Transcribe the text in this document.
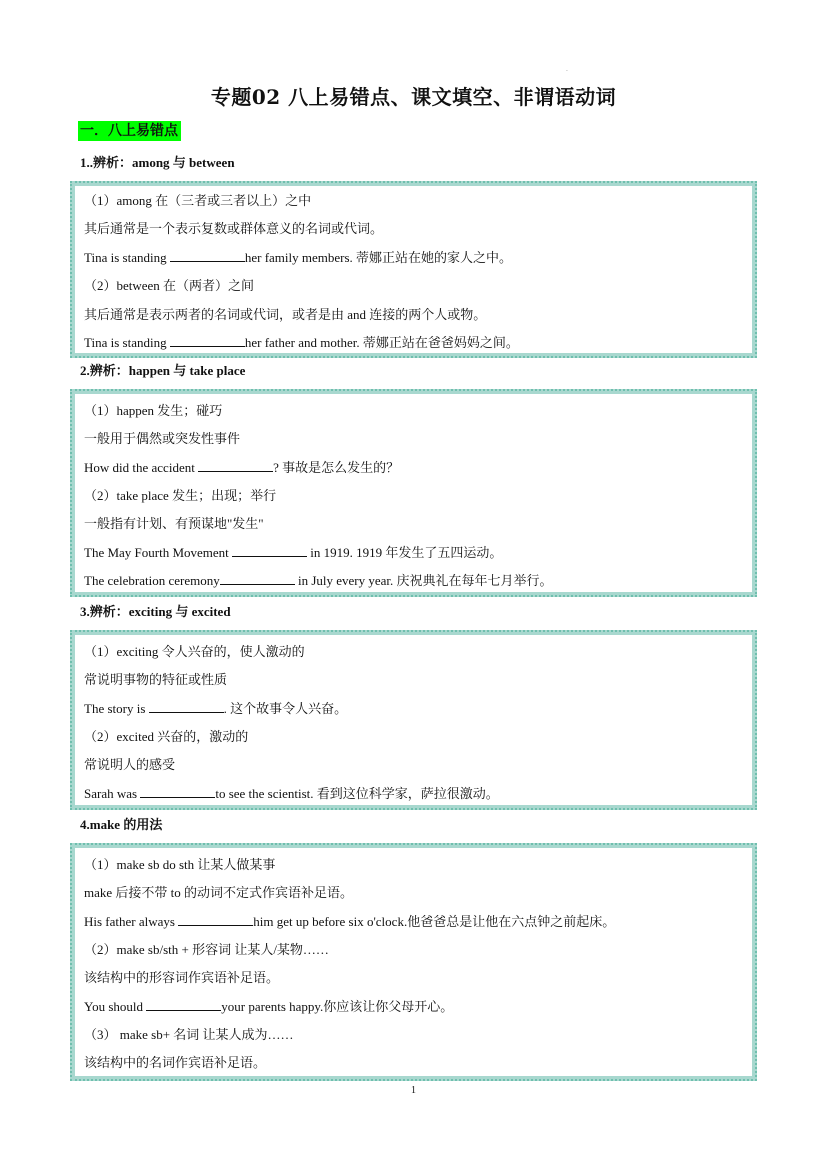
.
专题02 八上易错点、课文填空、非谓语动词
一．八上易错点
1..辨析：among 与 between
（1）among 在（三者或三者以上）之中
其后通常是一个表示复数或群体意义的名词或代词。
Tina is standing	her family members. 蒂娜正站在她的家人之中。
（2）between 在（两者）之间
其后通常是表示两者的名词或代词，或者是由 and 连接的两个人或物。
Tina is standing	her father and mother. 蒂娜正站在爸爸妈妈之间。
2.辨析：happen 与 take place
（1）happen 发生；碰巧
一般用于偶然或突发性事件
How did the accident	? 事故是怎么发生的？
（2）take place 发生；出现；举行
一般指有计划、有预谋地"发生"
The May Fourth Movement	in 1919. 1919 年发生了五四运动。
The celebration ceremony	in July every year. 庆祝典礼在每年七月举行。
3.辨析：exciting 与 excited
（1）exciting 令人兴奋的，使人激动的
常说明事物的特征或性质
The story is	. 这个故事令人兴奋。
（2）excited 兴奋的，激动的
常说明人的感受
Sarah was	to see the scientist. 看到这位科学家，萨拉很激动。
4.make 的用法
（1）make sb do sth 让某人做某事
make 后接不带 to 的动词不定式作宾语补足语。
His father always	him get up before six o'clock.他爸爸总是让他在六点钟之前起床。
（2）make sb/sth + 形容词 让某人/某物……
该结构中的形容词作宾语补足语。
You should	your parents happy.你应该让你父母开心。
（3） make sb+ 名词 让某人成为……
该结构中的名词作宾语补足语。
1
